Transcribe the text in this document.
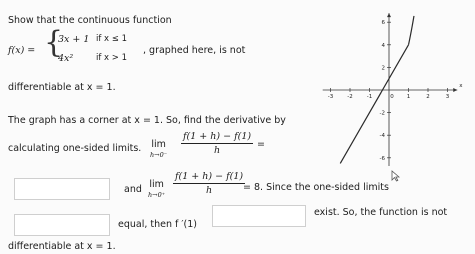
Show that the continuous function
f(x) = {
3x + 1 if x ≤ 1
4x²	if x > 1
, graphed here, is not
differentiable at x = 1.
The graph has a corner at x = 1. So, find the derivative by
calculating one-sided limits. lim
$h\to 0^- \frac{f(1 + h) - f(1)}{h}$ =
and lim
$h\to 0^+ \frac{f(1 + h) - f(1)}{h}$
= 8. Since the one-sided limits
equal, then f ′(1)
exist. So, the function is not
differentiable at x = 1.
-3	-2	-1	0 1	2	3
6
4
2
-2
-4
-6
x
